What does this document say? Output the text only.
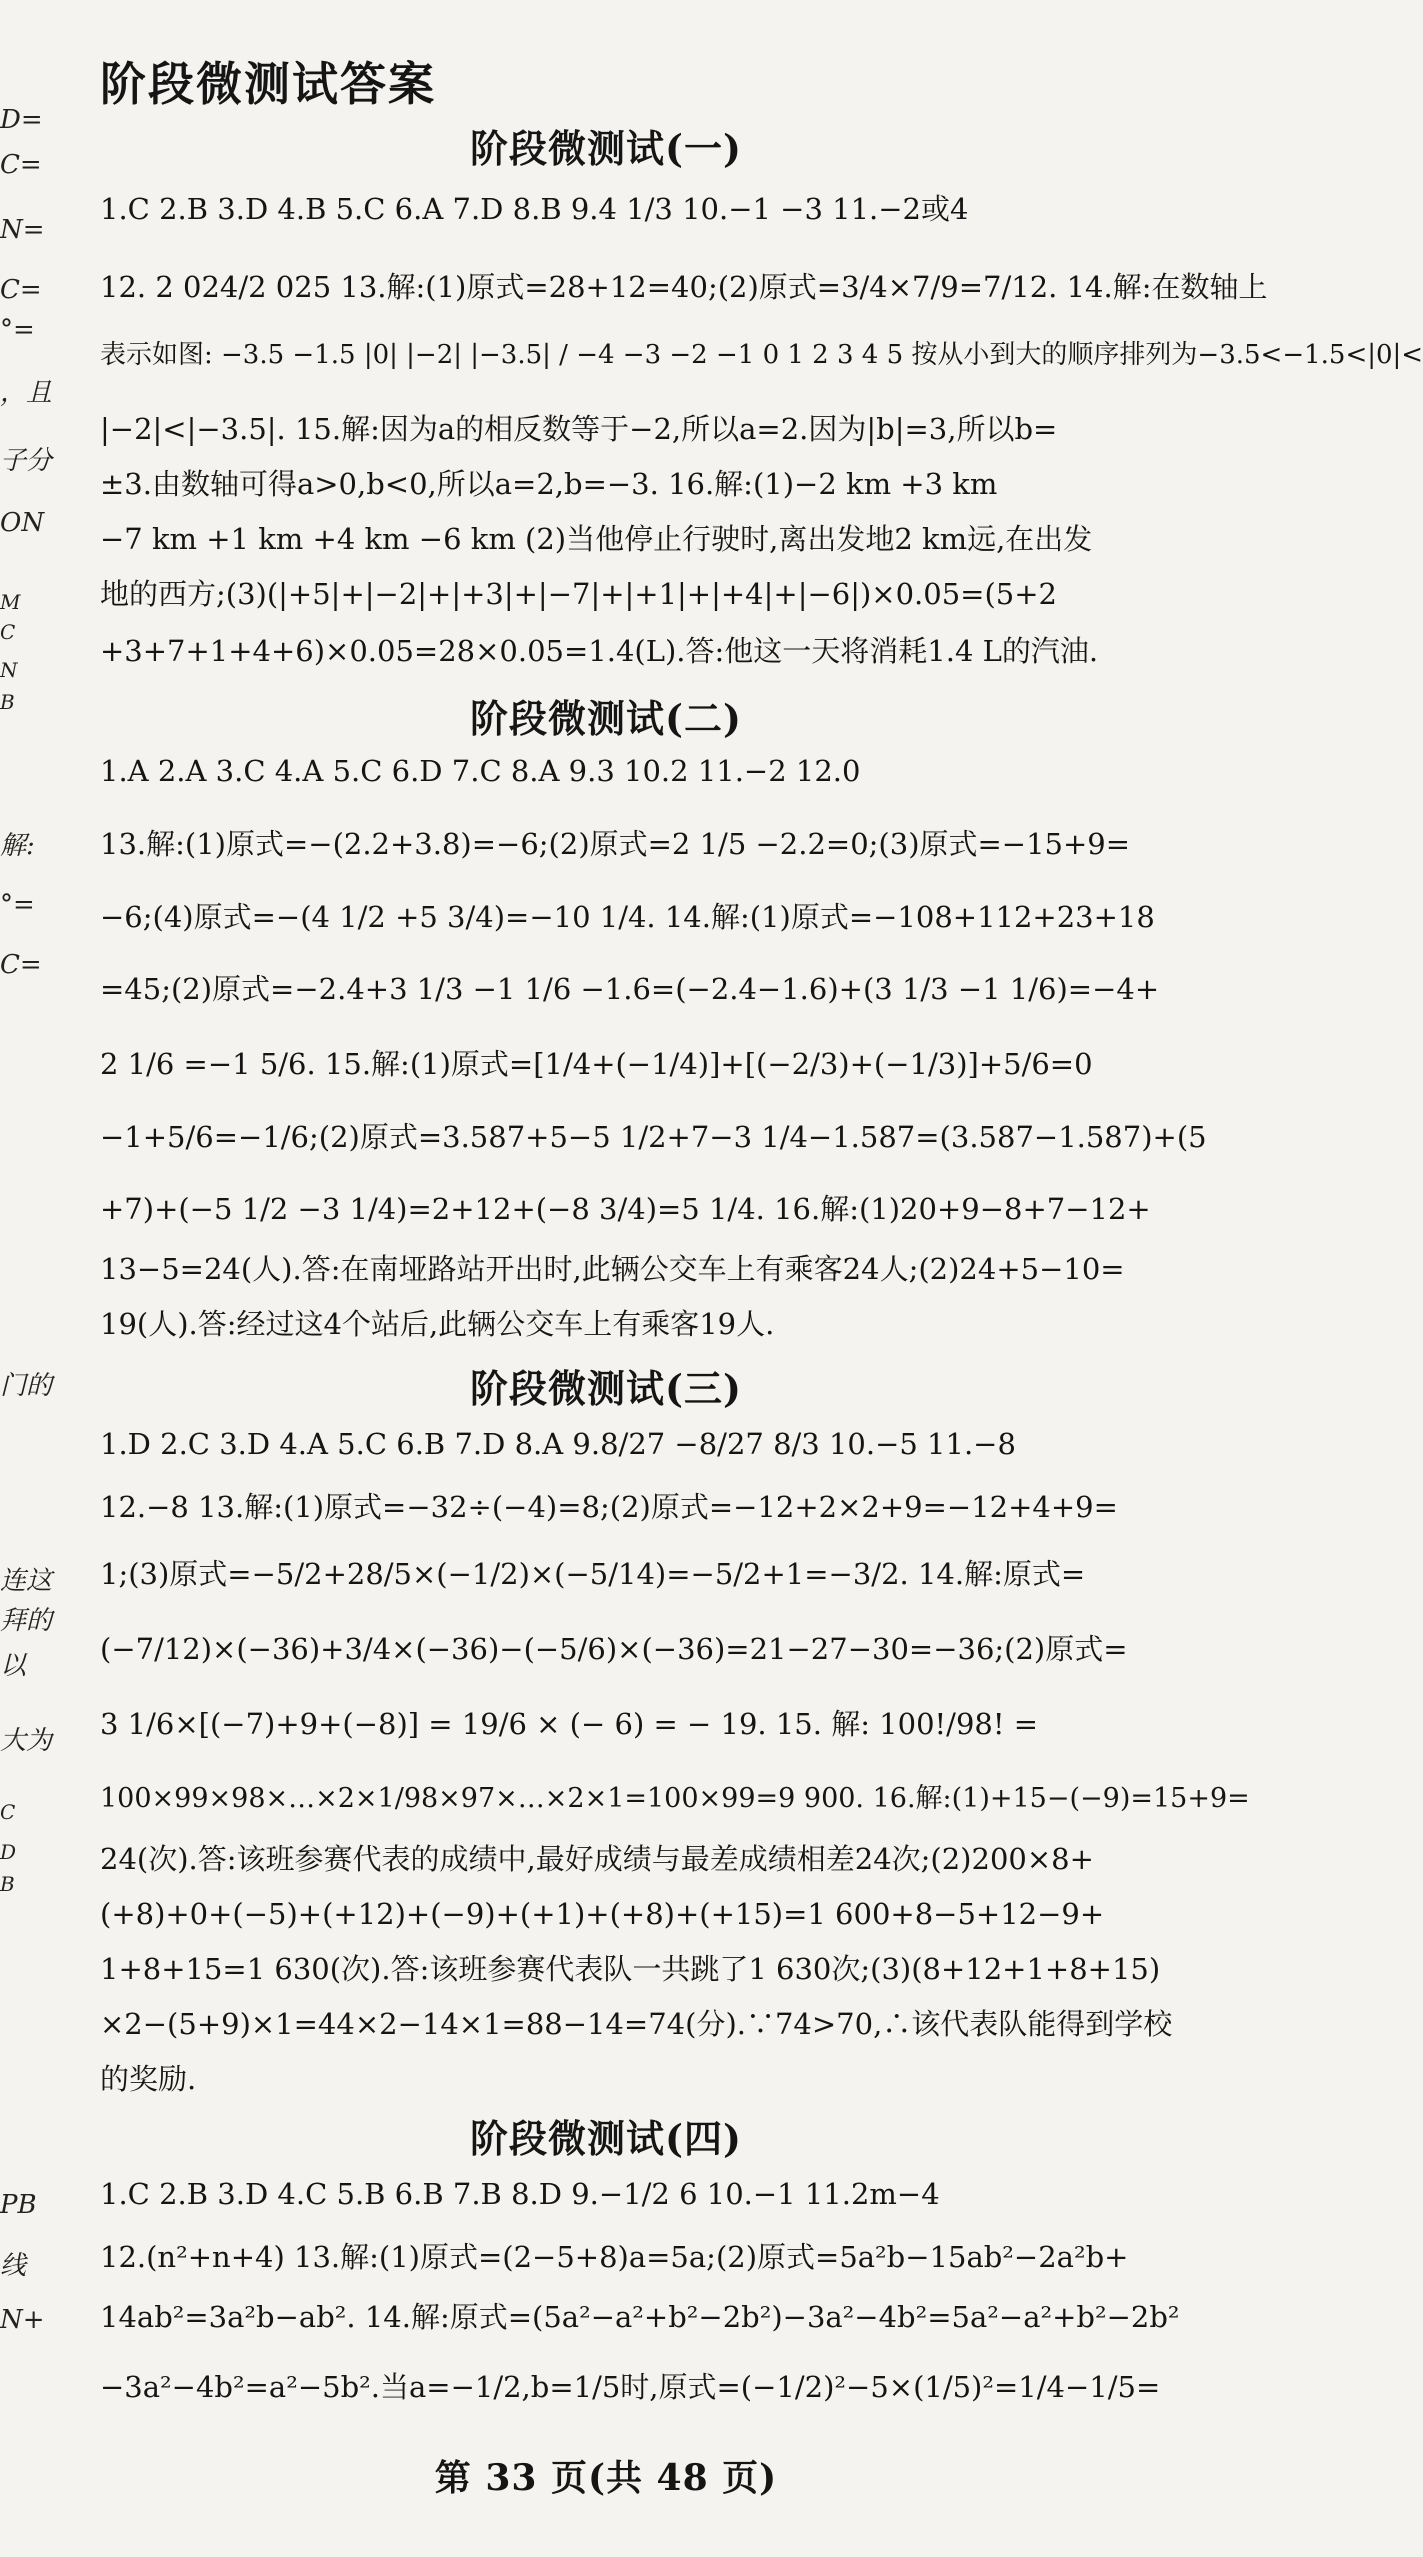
D=
C=
N=
C=
°=
，且
子分
ON
M
C
N
B
解:
°=
C=
门的
连这
拜的
以
大为
C
D
B
PB
线
N+
阶段微测试答案
阶段微测试(一)
1.C 2.B 3.D 4.B 5.C 6.A 7.D 8.B 9.4 1/3 10.−1 −3 11.−2或4
12. 2 024/2 025 13.解:(1)原式=28+12=40;(2)原式=3/4×7/9=7/12. 14.解:在数轴上
表示如图: −3.5 −1.5 |0| |−2| |−3.5| / −4 −3 −2 −1 0 1 2 3 4 5 按从小到大的顺序排列为−3.5<−1.5<|0|<
|−2|<|−3.5|. 15.解:因为a的相反数等于−2,所以a=2.因为|b|=3,所以b=
±3.由数轴可得a>0,b<0,所以a=2,b=−3. 16.解:(1)−2 km +3 km
−7 km +1 km +4 km −6 km (2)当他停止行驶时,离出发地2 km远,在出发
地的西方;(3)(|+5|+|−2|+|+3|+|−7|+|+1|+|+4|+|−6|)×0.05=(5+2
+3+7+1+4+6)×0.05=28×0.05=1.4(L).答:他这一天将消耗1.4 L的汽油.
阶段微测试(二)
1.A 2.A 3.C 4.A 5.C 6.D 7.C 8.A 9.3 10.2 11.−2 12.0
13.解:(1)原式=−(2.2+3.8)=−6;(2)原式=2 1/5 −2.2=0;(3)原式=−15+9=
−6;(4)原式=−(4 1/2 +5 3/4)=−10 1/4. 14.解:(1)原式=−108+112+23+18
=45;(2)原式=−2.4+3 1/3 −1 1/6 −1.6=(−2.4−1.6)+(3 1/3 −1 1/6)=−4+
2 1/6 =−1 5/6. 15.解:(1)原式=[1/4+(−1/4)]+[(−2/3)+(−1/3)]+5/6=0
−1+5/6=−1/6;(2)原式=3.587+5−5 1/2+7−3 1/4−1.587=(3.587−1.587)+(5
+7)+(−5 1/2 −3 1/4)=2+12+(−8 3/4)=5 1/4. 16.解:(1)20+9−8+7−12+
13−5=24(人).答:在南垭路站开出时,此辆公交车上有乘客24人;(2)24+5−10=
19(人).答:经过这4个站后,此辆公交车上有乘客19人.
阶段微测试(三)
1.D 2.C 3.D 4.A 5.C 6.B 7.D 8.A 9.8/27 −8/27 8/3 10.−5 11.−8
12.−8 13.解:(1)原式=−32÷(−4)=8;(2)原式=−12+2×2+9=−12+4+9=
1;(3)原式=−5/2+28/5×(−1/2)×(−5/14)=−5/2+1=−3/2. 14.解:原式=
(−7/12)×(−36)+3/4×(−36)−(−5/6)×(−36)=21−27−30=−36;(2)原式=
3 1/6×[(−7)+9+(−8)] = 19/6 × (− 6) = − 19. 15. 解: 100!/98! =
100×99×98×…×2×1/98×97×…×2×1=100×99=9 900. 16.解:(1)+15−(−9)=15+9=
24(次).答:该班参赛代表的成绩中,最好成绩与最差成绩相差24次;(2)200×8+
(+8)+0+(−5)+(+12)+(−9)+(+1)+(+8)+(+15)=1 600+8−5+12−9+
1+8+15=1 630(次).答:该班参赛代表队一共跳了1 630次;(3)(8+12+1+8+15)
×2−(5+9)×1=44×2−14×1=88−14=74(分).∵74>70,∴该代表队能得到学校
的奖励.
阶段微测试(四)
1.C 2.B 3.D 4.C 5.B 6.B 7.B 8.D 9.−1/2 6 10.−1 11.2m−4
12.(n²+n+4) 13.解:(1)原式=(2−5+8)a=5a;(2)原式=5a²b−15ab²−2a²b+
14ab²=3a²b−ab². 14.解:原式=(5a²−a²+b²−2b²)−3a²−4b²=5a²−a²+b²−2b²
−3a²−4b²=a²−5b².当a=−1/2,b=1/5时,原式=(−1/2)²−5×(1/5)²=1/4−1/5=
第 33 页(共 48 页)
